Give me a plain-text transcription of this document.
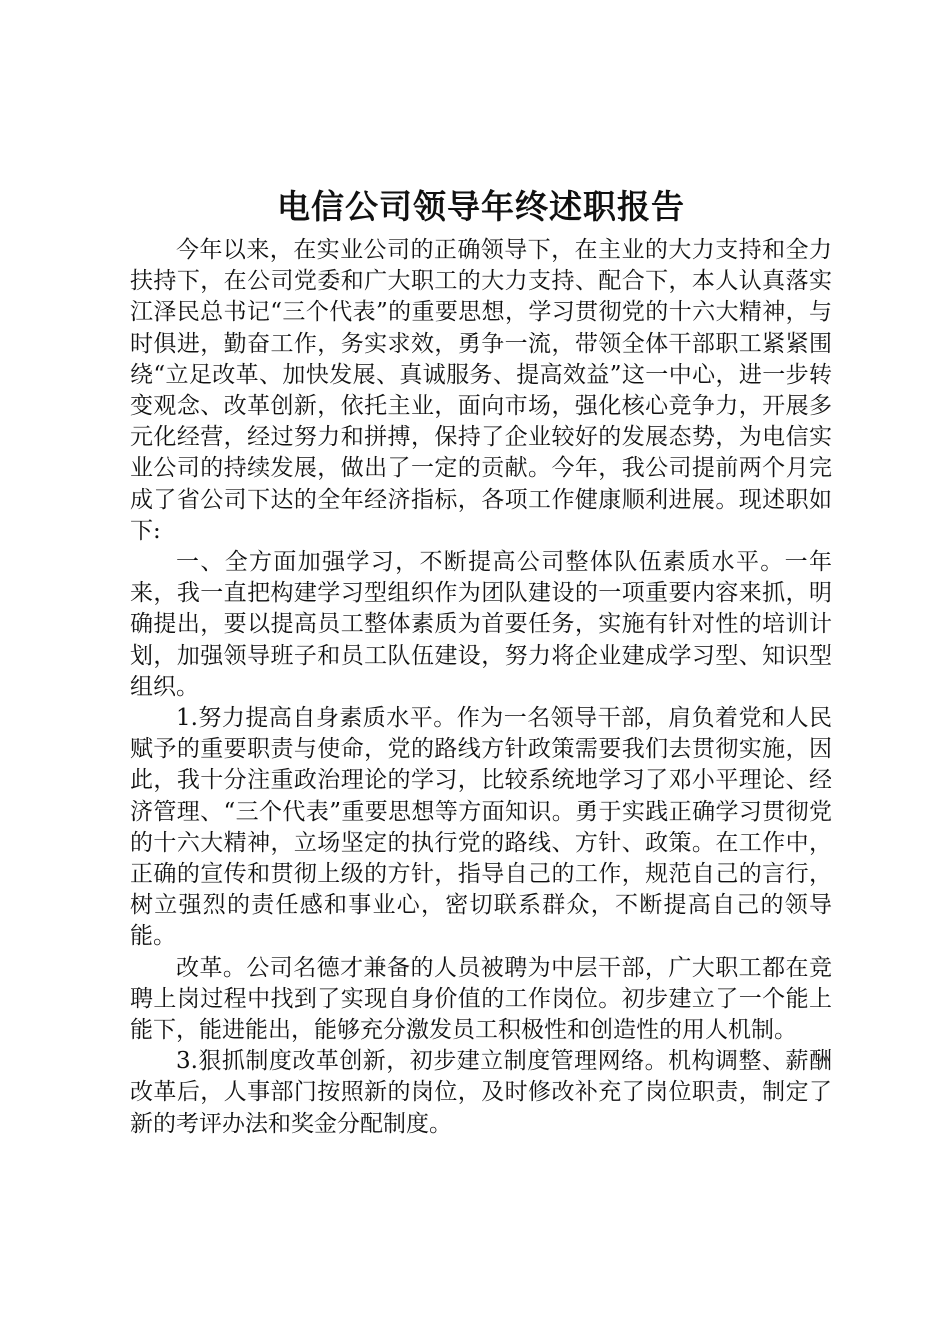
电信公司领导年终述职报告

今年以来，在实业公司的正确领导下，在主业的大力支持和全力扶持下，在公司党委和广大职工的大力支持、配合下，本人认真落实江泽民总书记“三个代表”的重要思想，学习贯彻党的十六大精神，与时俱进，勤奋工作，务实求效，勇争一流，带领全体干部职工紧紧围绕“立足改革、加快发展、真诚服务、提高效益”这一中心，进一步转变观念、改革创新，依托主业，面向市场，强化核心竞争力，开展多元化经营，经过努力和拼搏，保持了企业较好的发展态势，为电信实业公司的持续发展，做出了一定的贡献。今年，我公司提前两个月完成了省公司下达的全年经济指标，各项工作健康顺利进展。现述职如下:

一、全方面加强学习，不断提高公司整体队伍素质水平。一年来，我一直把构建学习型组织作为团队建设的一项重要内容来抓，明确提出，要以提高员工整体素质为首要任务，实施有针对性的培训计划，加强领导班子和员工队伍建设，努力将企业建成学习型、知识型组织。

1.努力提高自身素质水平。作为一名领导干部，肩负着党和人民赋予的重要职责与使命，党的路线方针政策需要我们去贯彻实施，因此，我十分注重政治理论的学习，比较系统地学习了邓小平理论、经济管理、“三个代表”重要思想等方面知识。勇于实践正确学习贯彻党的十六大精神，立场坚定的执行党的路线、方针、政策。在工作中，正确的宣传和贯彻上级的方针，指导自己的工作，规范自己的言行，树立强烈的责任感和事业心，密切联系群众，不断提高自己的领导能。

改革。公司名德才兼备的人员被聘为中层干部，广大职工都在竞聘上岗过程中找到了实现自身价值的工作岗位。初步建立了一个能上能下，能进能出，能够充分激发员工积极性和创造性的用人机制。

3.狠抓制度改革创新，初步建立制度管理网络。机构调整、薪酬改革后，人事部门按照新的岗位，及时修改补充了岗位职责，制定了新的考评办法和奖金分配制度。
